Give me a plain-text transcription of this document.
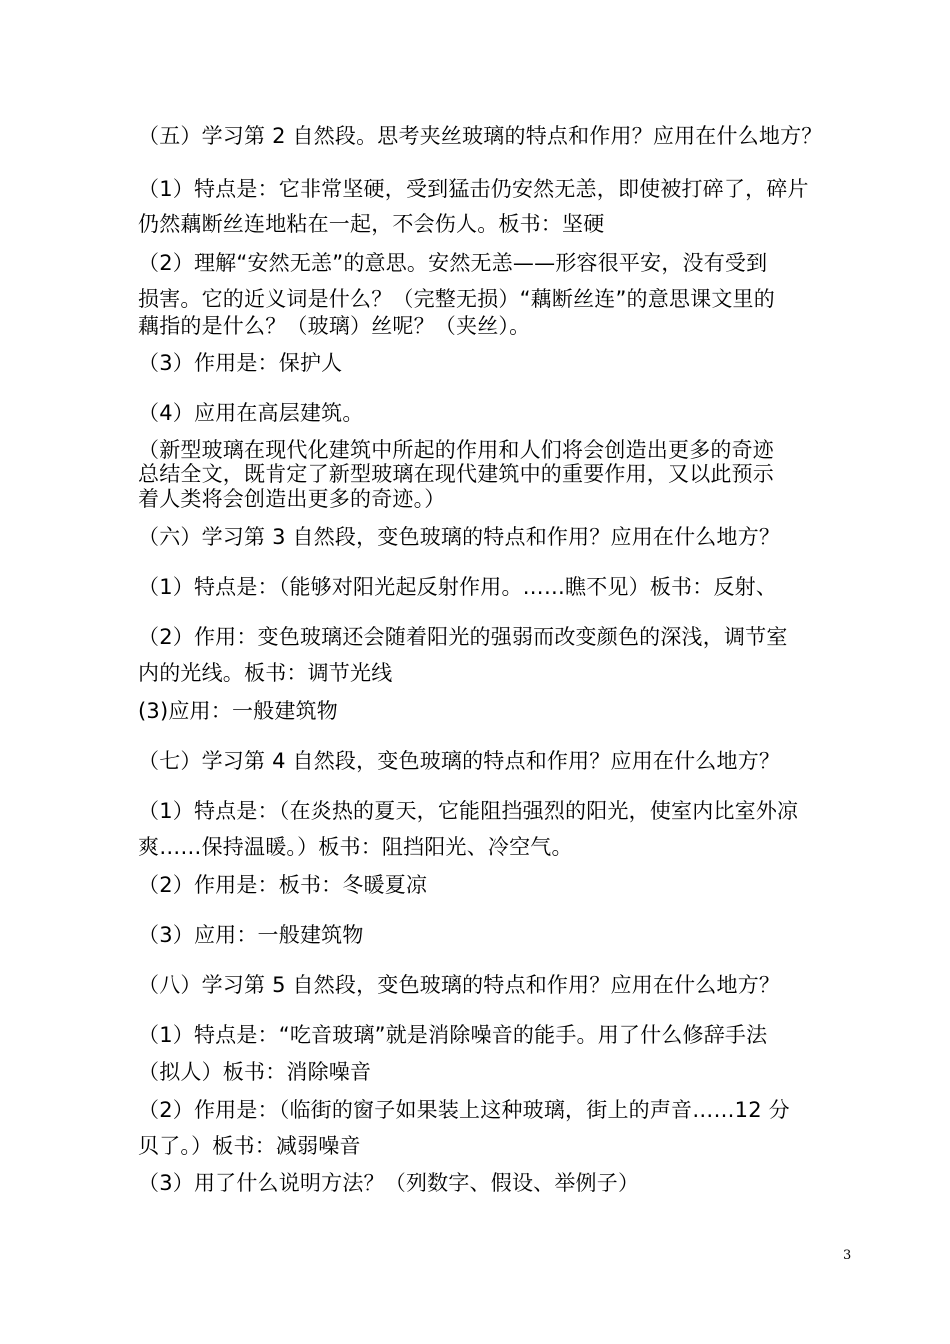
（五）学习第 2 自然段。思考夹丝玻璃的特点和作用？应用在什么地方？
（1）特点是：它非常坚硬，受到猛击仍安然无恙，即使被打碎了，碎片
仍然藕断丝连地粘在一起，不会伤人。板书：坚硬
（2）理解“安然无恙”的意思。安然无恙——形容很平安，没有受到
损害。它的近义词是什么？（完整无损）“藕断丝连”的意思课文里的
藕指的是什么？（玻璃）丝呢？（夹丝）。
（3）作用是：保护人
（4）应用在高层建筑。
（新型玻璃在现代化建筑中所起的作用和人们将会创造出更多的奇迹
总结全文，既肯定了新型玻璃在现代建筑中的重要作用，又以此预示
着人类将会创造出更多的奇迹。）
（六）学习第 3 自然段，变色玻璃的特点和作用？应用在什么地方？
（1）特点是：（能够对阳光起反射作用。……瞧不见）板书：反射、
（2）作用：变色玻璃还会随着阳光的强弱而改变颜色的深浅，调节室
内的光线。板书：调节光线
(3)应用：一般建筑物
（七）学习第 4 自然段，变色玻璃的特点和作用？应用在什么地方？
（1）特点是：（在炎热的夏天，它能阻挡强烈的阳光，使室内比室外凉
爽……保持温暖。）板书：阻挡阳光、冷空气。
（2）作用是：板书：冬暖夏凉
（3）应用：一般建筑物
（八）学习第 5 自然段，变色玻璃的特点和作用？应用在什么地方？
（1）特点是：“吃音玻璃”就是消除噪音的能手。用了什么修辞手法
（拟人）板书：消除噪音
（2）作用是：（临街的窗子如果装上这种玻璃，街上的声音……12 分
贝了。）板书：减弱噪音
（3）用了什么说明方法？（列数字、假设、举例子）
3
